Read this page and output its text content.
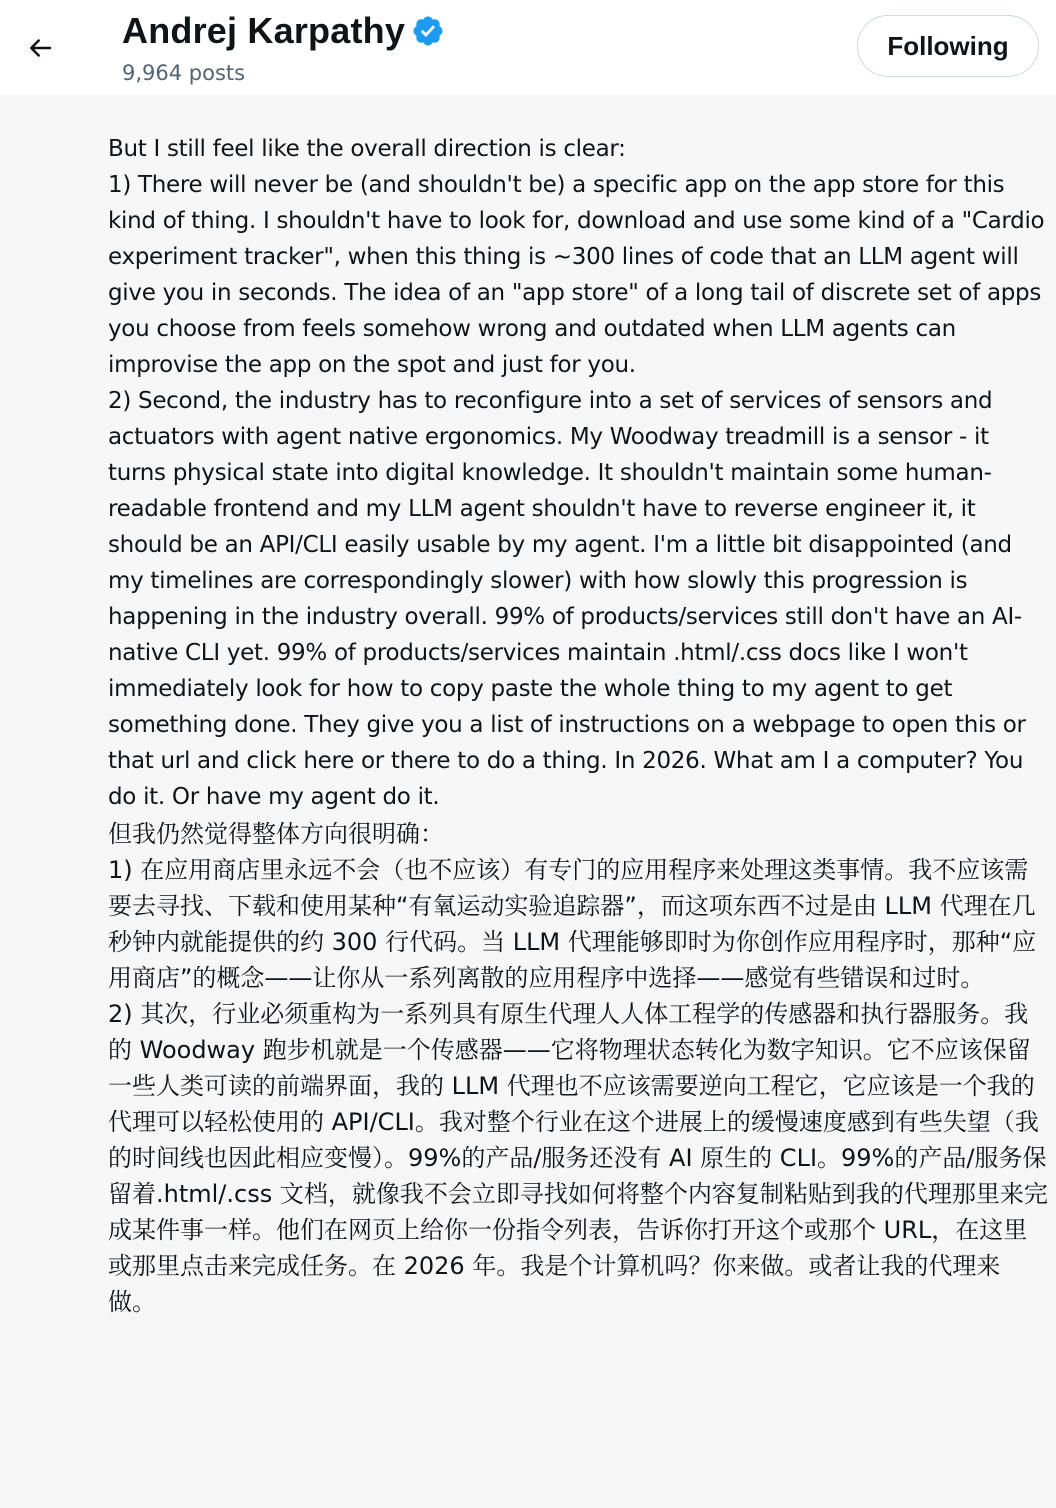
Andrej Karpathy
9,964 posts
Following

But I still feel like the overall direction is clear:

1) There will never be (and shouldn't be) a specific app on the app store for this kind of thing. I shouldn't have to look for, download and use some kind of a "Cardio experiment tracker", when this thing is ~300 lines of code that an LLM agent will give you in seconds. The idea of an "app store" of a long tail of discrete set of apps you choose from feels somehow wrong and outdated when LLM agents can improvise the app on the spot and just for you.

2) Second, the industry has to reconfigure into a set of services of sensors and actuators with agent native ergonomics. My Woodway treadmill is a sensor - it turns physical state into digital knowledge. It shouldn't maintain some human-readable frontend and my LLM agent shouldn't have to reverse engineer it, it should be an API/CLI easily usable by my agent. I'm a little bit disappointed (and my timelines are correspondingly slower) with how slowly this progression is happening in the industry overall. 99% of products/services still don't have an AI-native CLI yet. 99% of products/services maintain .html/.css docs like I won't immediately look for how to copy paste the whole thing to my agent to get something done. They give you a list of instructions on a webpage to open this or that url and click here or there to do a thing. In 2026. What am I a computer? You do it. Or have my agent do it.

但我仍然觉得整体方向很明确：

1) 在应用商店里永远不会（也不应该）有专门的应用程序来处理这类事情。我不应该需要去寻找、下载和使用某种“有氧运动实验追踪器”，而这项东西不过是由 LLM 代理在几秒钟内就能提供的约 300 行代码。当 LLM 代理能够即时为你创作应用程序时，那种“应用商店”的概念——让你从一系列离散的应用程序中选择——感觉有些错误和过时。

2) 其次，行业必须重构为一系列具有原生代理人人体工程学的传感器和执行器服务。我的 Woodway 跑步机就是一个传感器——它将物理状态转化为数字知识。它不应该保留一些人类可读的前端界面，我的 LLM 代理也不应该需要逆向工程它，它应该是一个我的代理可以轻松使用的 API/CLI。我对整个行业在这个进展上的缓慢速度感到有些失望（我的时间线也因此相应变慢）。99%的产品/服务还没有 AI 原生的 CLI。99%的产品/服务保留着.html/.css 文档，就像我不会立即寻找如何将整个内容复制粘贴到我的代理那里来完成某件事一样。他们在网页上给你一份指令列表，告诉你打开这个或那个 URL，在这里或那里点击来完成任务。在 2026 年。我是个计算机吗？你来做。或者让我的代理来做。
